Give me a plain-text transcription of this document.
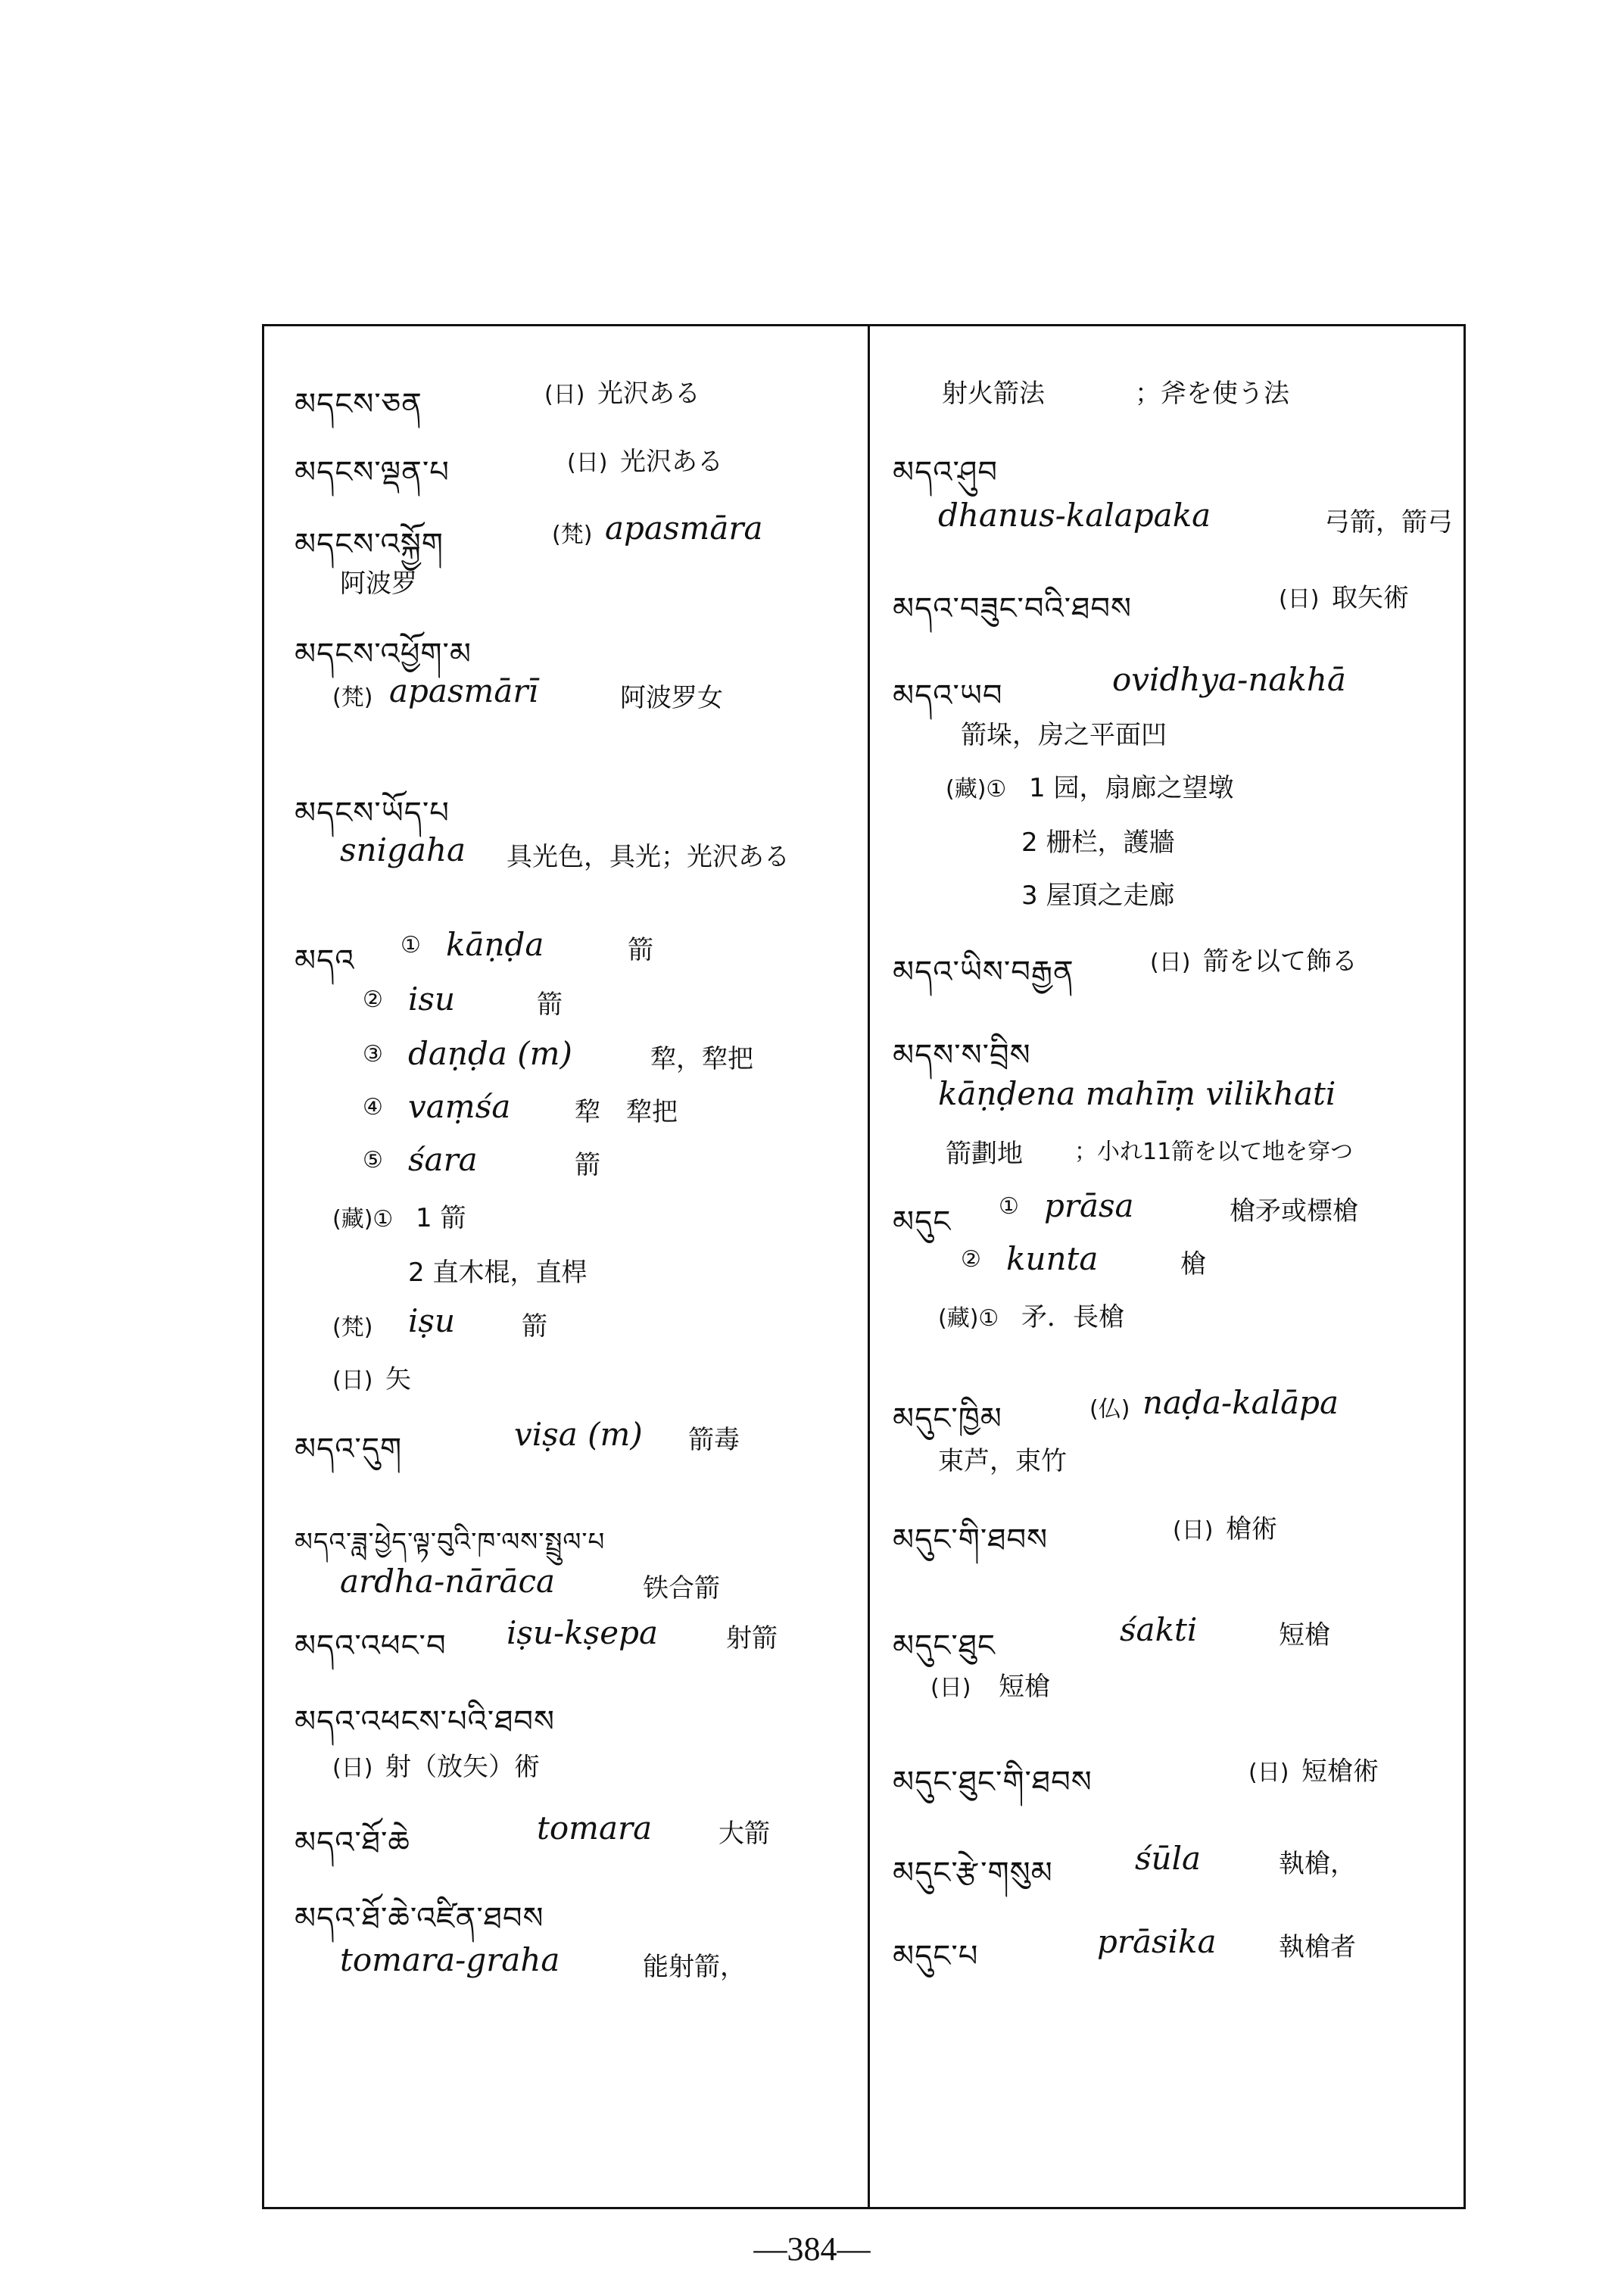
མདངས་ཅན	(日) 光沢ある
མདངས་ལྡན་པ	(日) 光沢ある
མདངས་འསྐྱོག	(梵) apasmāra
阿波罗
མདངས་འཕྱོག་མ
(梵) apasmārī	阿波罗女
མདངས་ཡོད་པ
snigaha 具光色，具光；光沢ある
མདའ ① kāṇḍa	箭
② isu	箭
③ daṇḍa (m)	犂，犂把
④ vaṃśa 犂　犂把
⑤ śara	箭
(藏)① 1 箭
2 直木棍，直桿
(梵) iṣu	箭
(日) 矢
མདའ་དུག	viṣa (m) 箭毒
མདའ་ཟླ་ཕྱེད་ལྟ་བུའི་ཁ་ལས་སྤྲུལ་པ
ardha-nārāca	铁合箭
射火箭法	；斧を使う法
མདའ་ཤུབ
dhanus-kalapaka	弓箭，箭弓
མདའ་བཟུང་བའི་ཐབས	(日) 取矢術
མདའ་ཡབ	ovidhya-nakhā
箭垛，房之平面凹
(藏)① 1 园，扇廊之望墩
2 栅栏，護牆
3 屋頂之走廊
མདའ་ཡིས་བརྒྱན	(日) 箭を以て飾る
མདས་ས་བྲིས
kāṇḍena mahīṃ vilikhati
箭劃地 ；小れ11箭を以て地を穿つ
མདུང ① prāsa	槍矛或標槍
② kunta	槍
(藏)① 矛．長槍
—384—
མདའ་འཕང་བ iṣu-kṣepa	射箭
མདའ་འཕངས་པའི་ཐབས
(日) 射（放矢）術
མདའ་ཐོ་ཆེ	tomara	大箭
མདའ་ཐོ་ཆེ་འཛིན་ཐབས
tomara-graha	能射箭，
མདུང་ཁྱིམ	(仏) naḍa-kalāpa
束芦，束竹
མདུང་གི་ཐབས	(日) 槍術
མདུང་ཐུང	śakti	短槍
(日) 短槍
མདུང་ཐུང་གི་ཐབས	(日) 短槍術
མདུང་རྩེ་གསུམ	śūla	執槍，
མདུང་པ	prāsika 執槍者
